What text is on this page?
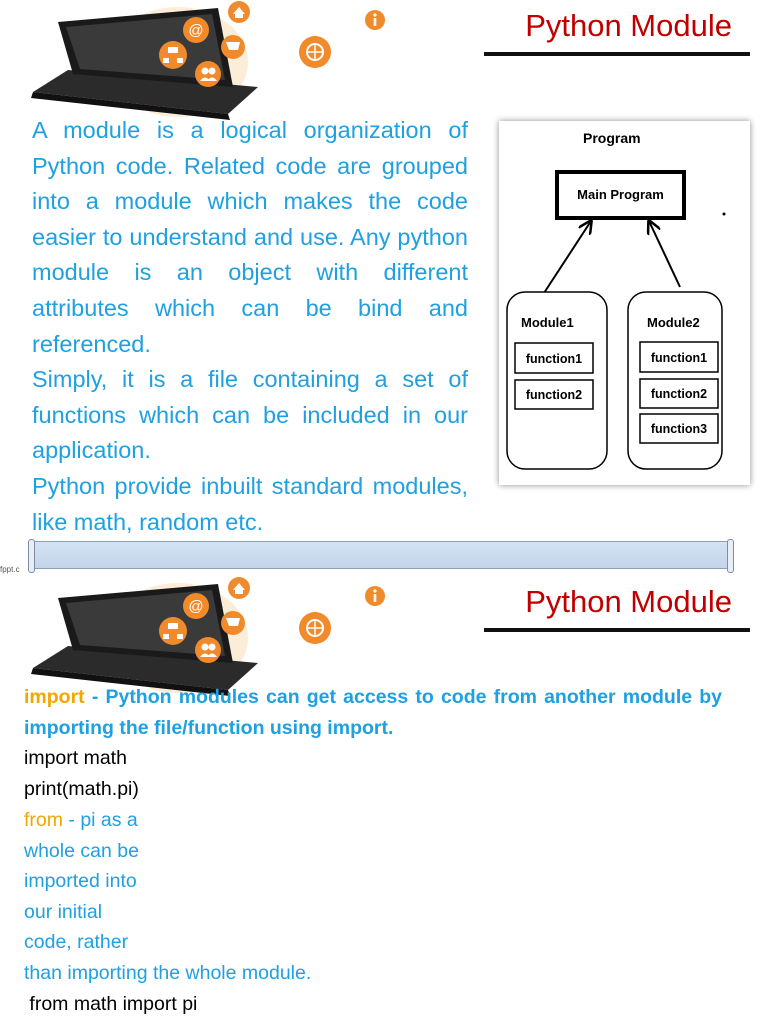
@	Python Module

A module is a logical organization of Python code. Related code are grouped into a module which makes the code easier to understand and use. Any python module is an object with different attributes which can be bind and referenced.

Simply, it is a file containing a set of functions which can be included in our application.

Python provide inbuilt standard modules, like math, random etc.

Program
Main Program
Module1
function1
function2
Module2
function1
function2
function3
fppt.c
@	Python Module
import - Python modules can get access to code from another module by importing the file/function using import.
import math
print(math.pi)
from - pi as a
whole can be
imported into
our initial
code, rather
than importing the whole module.
from math import pi
